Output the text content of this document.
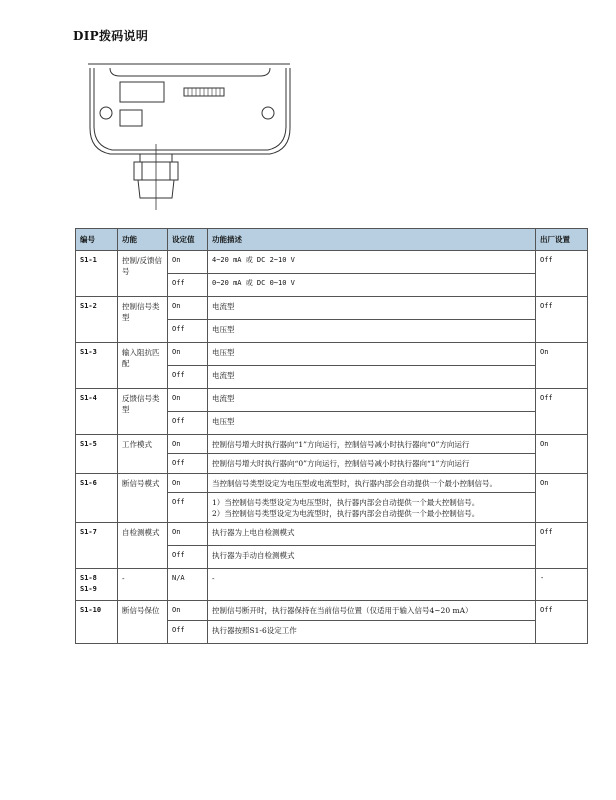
DIP拨码说明
编号	功能	设定值	功能描述	出厂设置
S1-1	控制/反馈信号	On	4~20 mA 或 DC 2~10 V	Off
		Off	0~20 mA 或 DC 0~10 V	
S1-2	控制信号类型	On	电流型	Off
		Off	电压型	
S1-3	输入阻抗匹配	On	电压型	On
		Off	电流型	
S1-4	反馈信号类型	On	电流型	Off
		Off	电压型	
S1-5	工作模式	On	控制信号增大时执行器向“1”方向运行，控制信号减小时执行器向“0”方向运行	On
		Off	控制信号增大时执行器向“0”方向运行，控制信号减小时执行器向“1”方向运行	
S1-6	断信号模式	On	当控制信号类型设定为电压型或电流型时，执行器内部会自动提供一个最小控制信号。	On
		Off	1）当控制信号类型设定为电压型时，执行器内部会自动提供一个最大控制信号。
2）当控制信号类型设定为电流型时，执行器内部会自动提供一个最小控制信号。	
S1-7	自检测模式	On	执行器为上电自检测模式	Off
		Off	执行器为手动自检测模式	
S1-8
S1-9	-	N/A	-	-
S1-10	断信号保位	On	控制信号断开时，执行器保持在当前信号位置（仅适用于输入信号4~20 mA）	Off
		Off	执行器按照S1-6设定工作	
